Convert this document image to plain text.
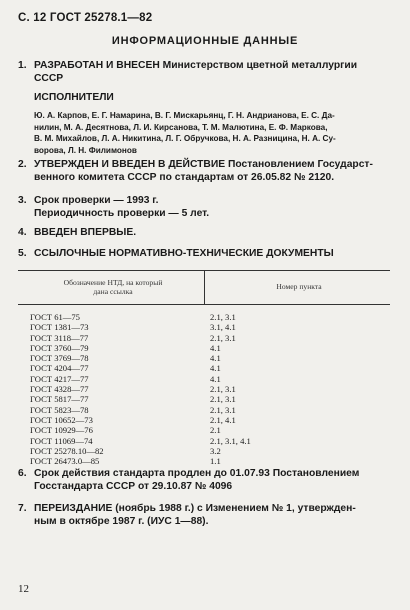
С. 12 ГОСТ 25278.1—82
ИНФОРМАЦИОННЫЕ ДАННЫЕ
1. РАЗРАБОТАН И ВНЕСЕН Министерством цветной металлургии
СССР
ИСПОЛНИТЕЛИ
Ю. А. Карпов, Е. Г. Намарина, В. Г. Мискарьянц, Г. Н. Андрианова, Е. С. Да-
нилин, М. А. Десятнова, Л. И. Кирсанова, Т. М. Малютина, Е. Ф. Маркова,
В. М. Михайлов, Л. А. Никитина, Л. Г. Обручкова, Н. А. Разницина, Н. А. Су-
ворова, Л. Н. Филимонов
2. УТВЕРЖДЕН И ВВЕДЕН В ДЕЙСТВИЕ Постановлением Государст-
венного комитета СССР по стандартам от 26.05.82 № 2120.
3. Срок проверки — 1993 г.
Периодичность проверки — 5 лет.
4. ВВЕДЕН ВПЕРВЫЕ.
5. ССЫЛОЧНЫЕ НОРМАТИВНО-ТЕХНИЧЕСКИЕ ДОКУМЕНТЫ
Обозначение НТД, на который
дана ссылка
Номер пункта
ГОСТ 61—75	2.1, 3.1
ГОСТ 1381—73	3.1, 4.1
ГОСТ 3118—77	2.1, 3.1
ГОСТ 3760—79	4.1
ГОСТ 3769—78	4.1
ГОСТ 4204—77	4.1
ГОСТ 4217—77	4.1
ГОСТ 4328—77	2.1, 3.1
ГОСТ 5817—77	2.1, 3.1
ГОСТ 5823—78	2.1, 3.1
ГОСТ 10652—73	2.1, 4.1
ГОСТ 10929—76	2.1
ГОСТ 11069—74	2.1, 3.1, 4.1
ГОСТ 25278.10—82	3.2
ГОСТ 26473.0—85	1.1
6. Срок действия стандарта продлен до 01.07.93 Постановлением
Госстандарта СССР от 29.10.87 № 4096
7. ПЕРЕИЗДАНИЕ (ноябрь 1988 г.) с Изменением № 1, утвержден-
ным в октябре 1987 г. (ИУС 1—88).
12
